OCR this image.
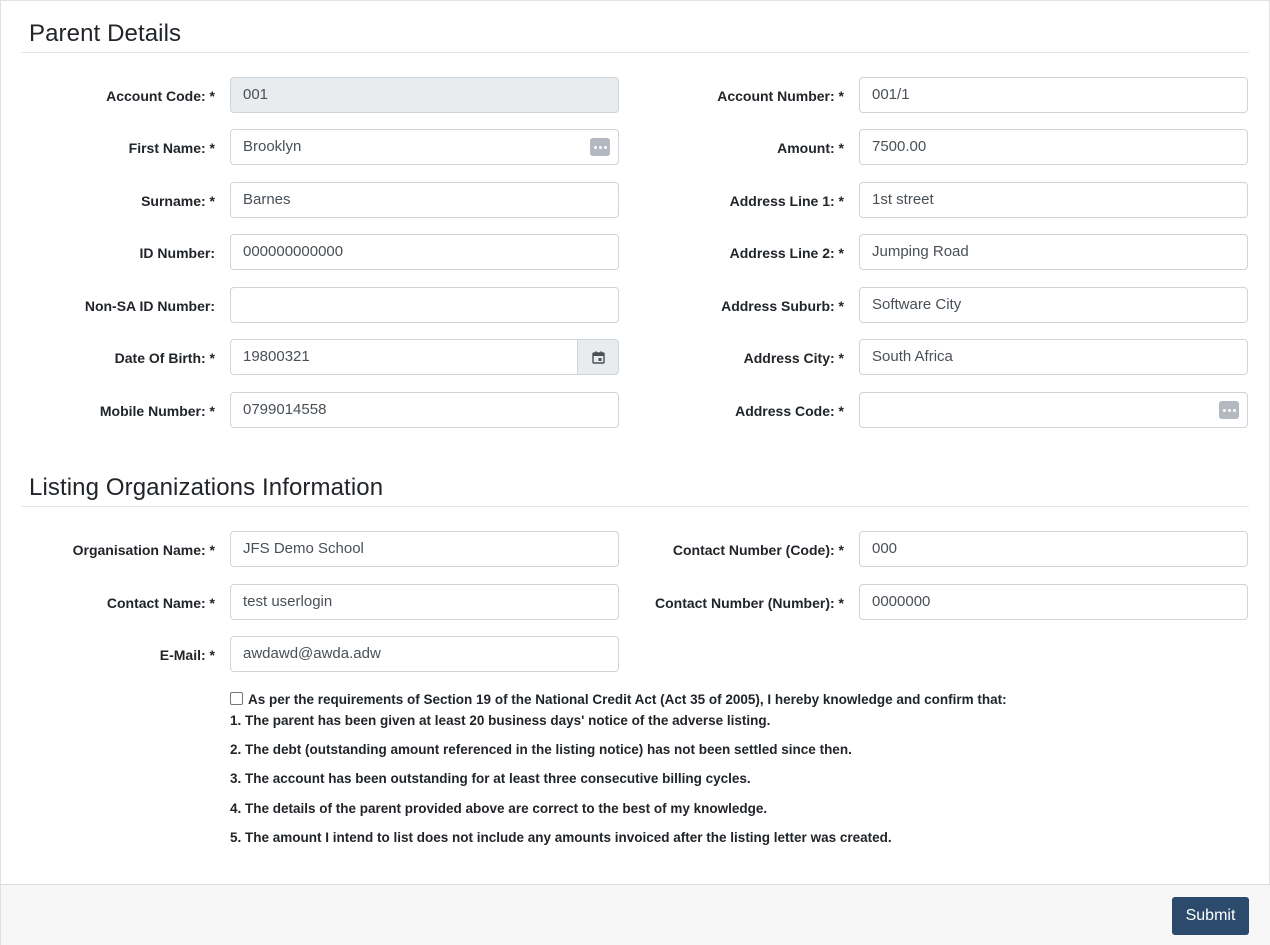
Parent Details
Account Code: *
First Name: *
Surname: *
ID Number:
Non-SA ID Number:
Date Of Birth: *
Mobile Number: *
001
Brooklyn
Barnes
000000000000
19800321
0799014558
Account Number: *
Amount: *
Address Line 1: *
Address Line 2: *
Address Suburb: *
Address City: *
Address Code: *
001/1
7500.00
1st street
Jumping Road
Software City
South Africa
Listing Organizations Information
Organisation Name: *
Contact Name: *
E-Mail: *
JFS Demo School
test userlogin
awdawd@awda.adw
Contact Number (Code): *
Contact Number (Number): *
000
0000000
As per the requirements of Section 19 of the National Credit Act (Act 35 of 2005), I hereby knowledge and confirm that:
1. The parent has been given at least 20 business days' notice of the adverse listing.
2. The debt (outstanding amount referenced in the listing notice) has not been settled since then.
3. The account has been outstanding for at least three consecutive billing cycles.
4. The details of the parent provided above are correct to the best of my knowledge.
5. The amount I intend to list does not include any amounts invoiced after the listing letter was created.
Submit
